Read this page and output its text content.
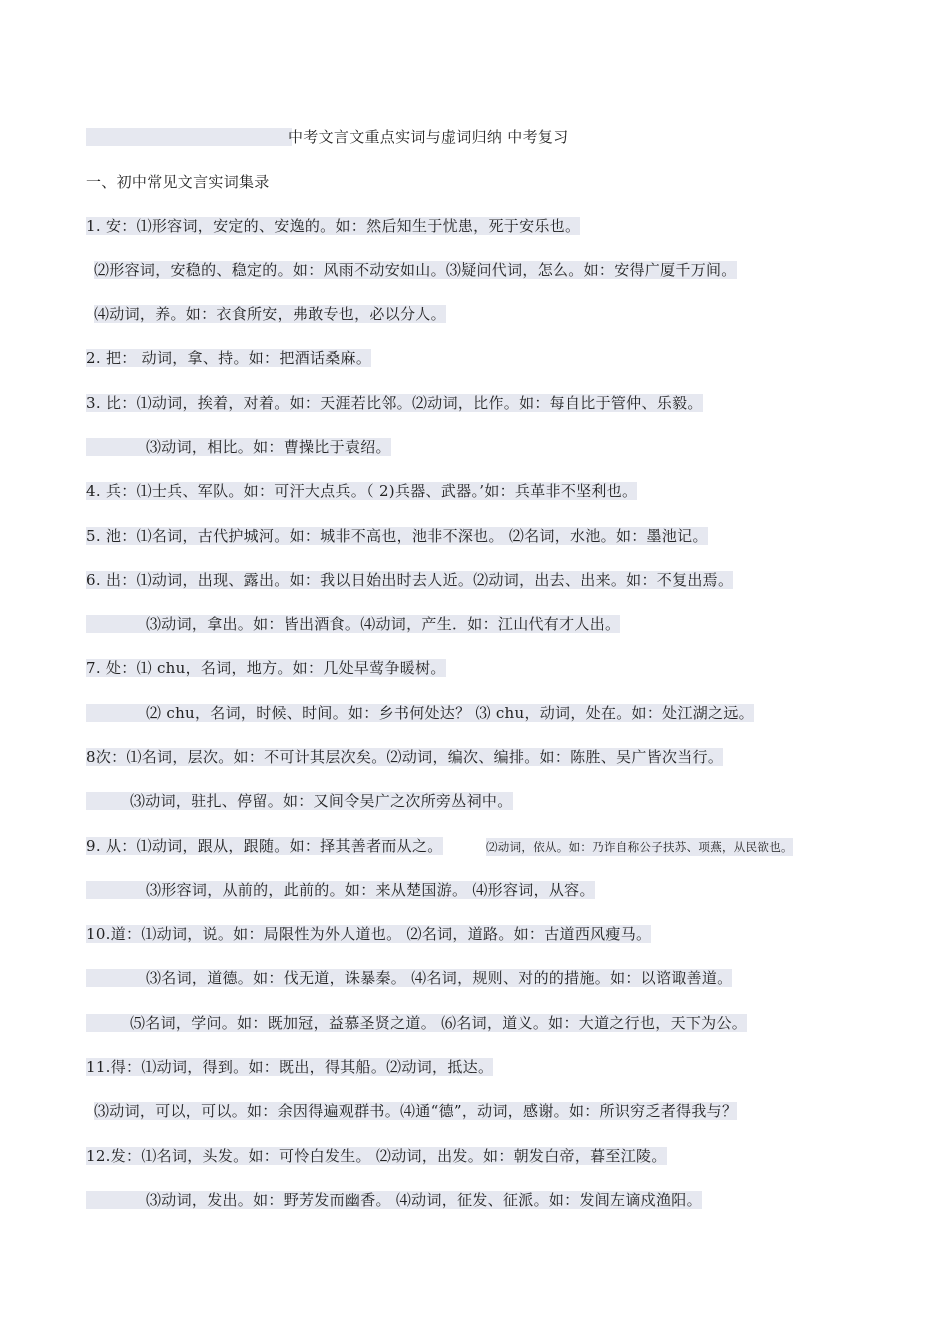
中考文言文重点实词与虚词归纳 中考复习
一、初中常见文言实词集录
1. 安：⑴形容词，安定的、安逸的。如：然后知生于忧患，死于安乐也。
⑵形容词，安稳的、稳定的。如：风雨不动安如山。⑶疑问代词，怎么。如：安得广厦千万间。
⑷动词，养。如：衣食所安，弗敢专也，必以分人。
2. 把： 动词，拿、持。如：把酒话桑麻。
3. 比：⑴动词，挨着，对着。如：天涯若比邻。⑵动词，比作。如：每自比于管仲、乐毅。
⑶动词，相比。如：曹操比于袁绍。
4. 兵：⑴士兵、军队。如：可汗大点兵。（ 2)兵器、武器。’如：兵革非不坚利也。
5. 池：⑴名词，古代护城河。如：城非不高也，池非不深也。 ⑵名词，水池。如：墨池记。
6. 出：⑴动词，出现、露出。如：我以日始出时去人近。⑵动词，出去、出来。如：不复出焉。
⑶动词，拿出。如：皆出酒食。⑷动词，产生．如：江山代有才人出。
7. 处：⑴ chu，名词，地方。如：几处早莺争暖树。
⑵ chu，名词，时候、时间。如：乡书何处达？ ⑶ chu，动词，处在。如：处江湖之远。
8次：⑴名词，层次。如：不可计其层次矣。⑵动词，编次、编排。如：陈胜、吴广皆次当行。
⑶动词，驻扎、停留。如：又间令吴广之次所旁丛祠中。
9. 从：⑴动词，跟从，跟随。如：择其善者而从之。	⑵动词，依从。如：乃诈自称公子扶苏、项燕，从民欲也。
⑶形容词，从前的，此前的。如：来从楚国游。 ⑷形容词，从容。
10.道：⑴动词，说。如：局限性为外人道也。 ⑵名词，道路。如：古道西风瘦马。
⑶名词，道德。如：伐无道，诛暴秦。 ⑷名词，规则、对的的措施。如：以谘诹善道。
⑸名词，学问。如：既加冠，益慕圣贤之道。 ⑹名词，道义。如：大道之行也，天下为公。
11.得：⑴动词，得到。如：既出，得其船。⑵动词，抵达。
⑶动词，可以，可以。如：余因得遍观群书。⑷通“德”，动词，感谢。如：所识穷乏者得我与？
12.发：⑴名词，头发。如：可怜白发生。 ⑵动词，出发。如：朝发白帝，暮至江陵。
⑶动词，发出。如：野芳发而幽香。 ⑷动词，征发、征派。如：发闾左谪戍渔阳。
